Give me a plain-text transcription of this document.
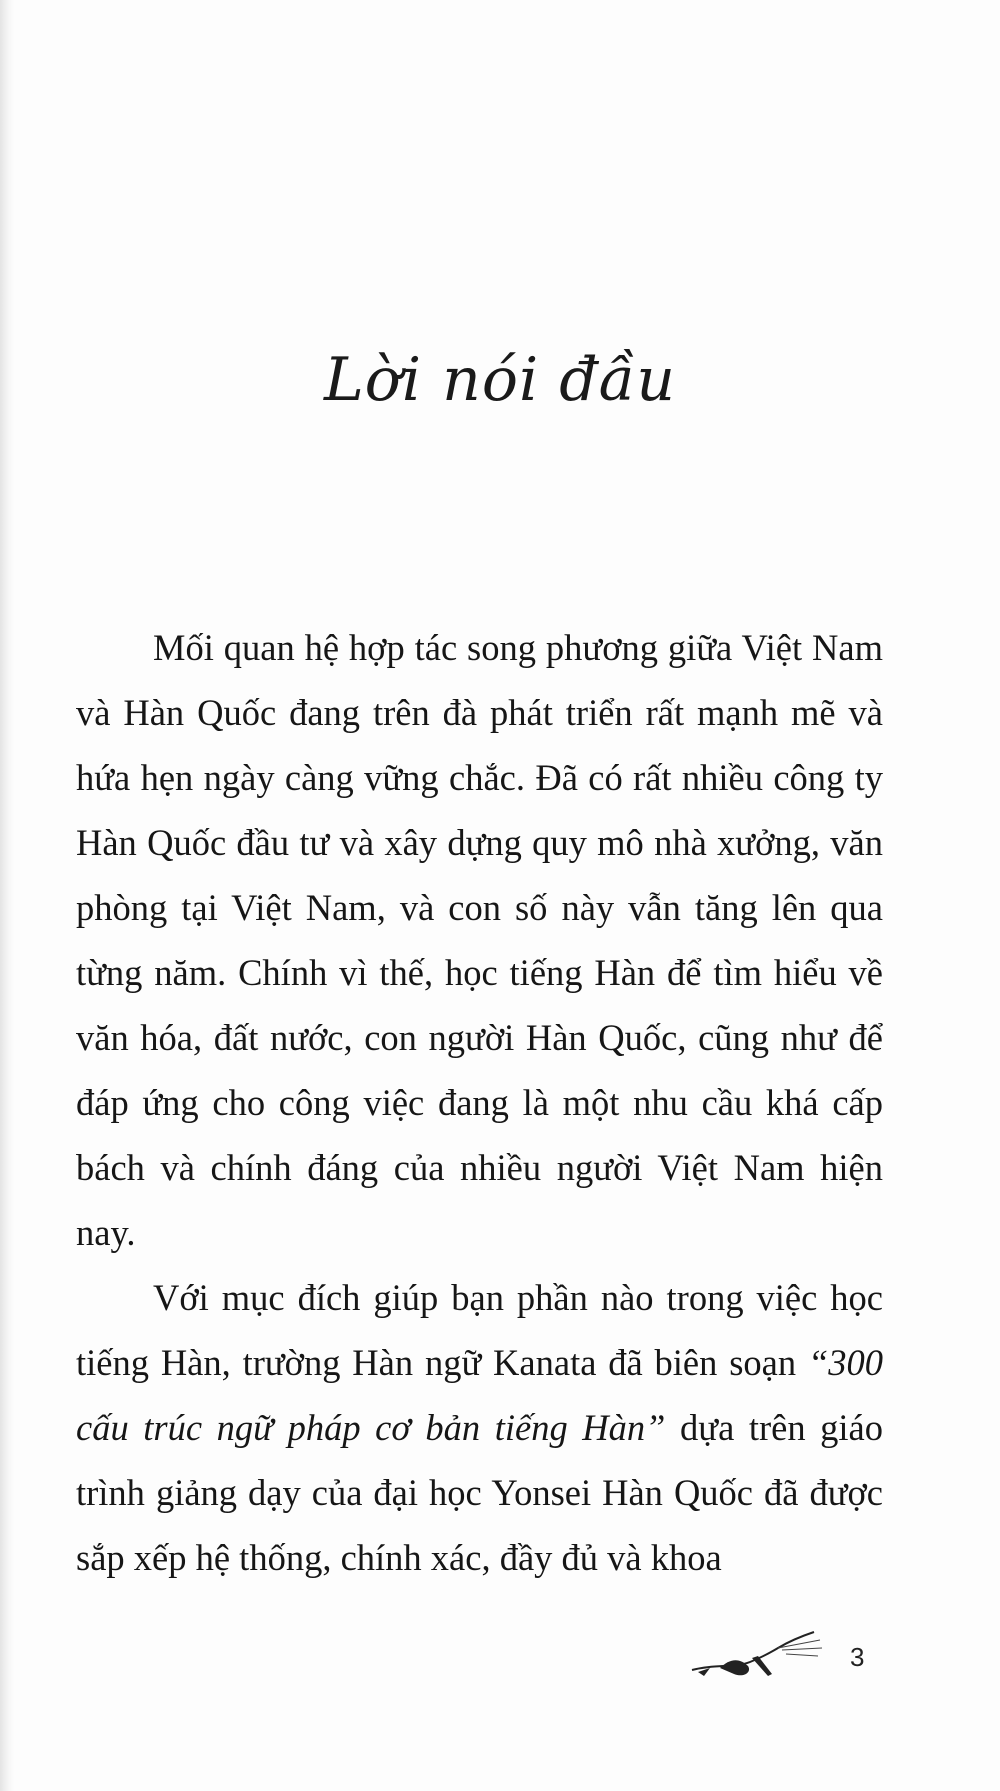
Lời nói đầu

Mối quan hệ hợp tác song phương giữa Việt Nam và Hàn Quốc đang trên đà phát triển rất mạnh mẽ và hứa hẹn ngày càng vững chắc. Đã có rất nhiều công ty Hàn Quốc đầu tư và xây dựng quy mô nhà xưởng, văn phòng tại Việt Nam, và con số này vẫn tăng lên qua từng năm. Chính vì thế, học tiếng Hàn để tìm hiểu về văn hóa, đất nước, con người Hàn Quốc, cũng như để đáp ứng cho công việc đang là một nhu cầu khá cấp bách và chính đáng của nhiều người Việt Nam hiện nay.

Với mục đích giúp bạn phần nào trong việc học tiếng Hàn, trường Hàn ngữ Kanata đã biên soạn “300 cấu trúc ngữ pháp cơ bản tiếng Hàn” dựa trên giáo trình giảng dạy của đại học Yonsei Hàn Quốc đã được sắp xếp hệ thống, chính xác, đầy đủ và khoa

3
